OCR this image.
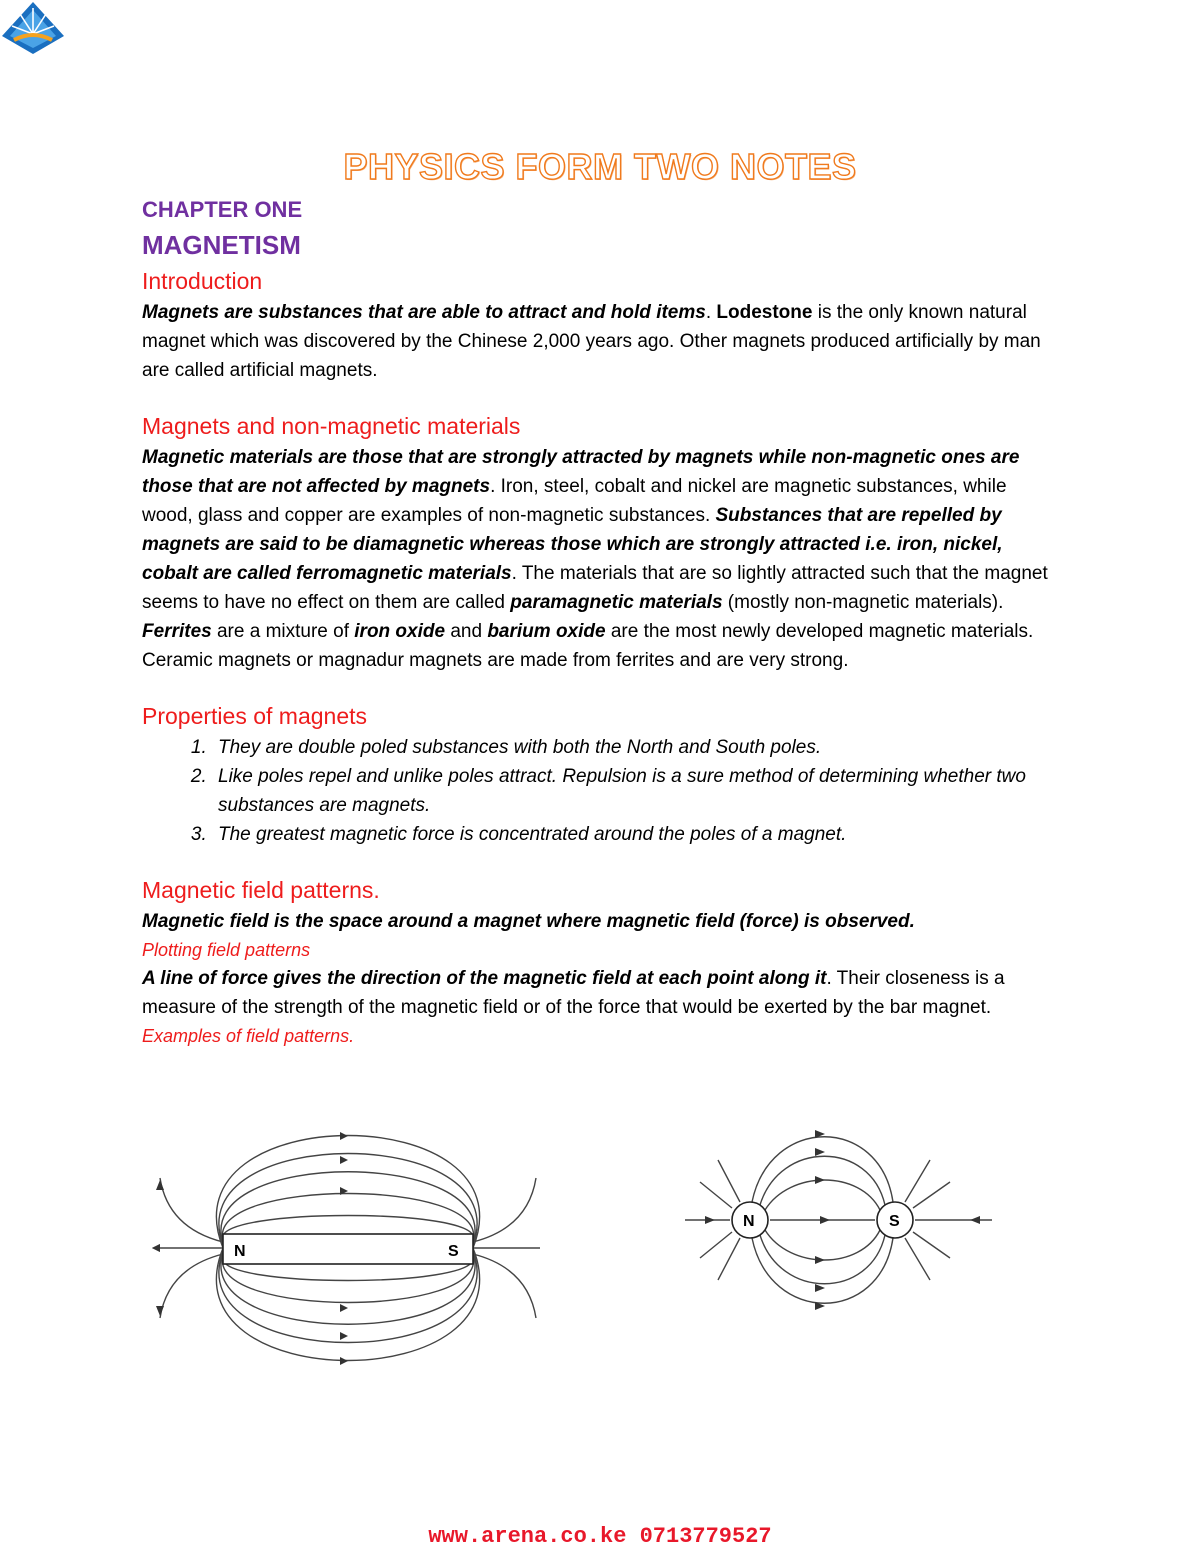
PHYSICS FORM TWO NOTES
CHAPTER ONE
MAGNETISM
Introduction

Magnets are substances that are able to attract and hold items. Lodestone is the only known natural magnet which was discovered by the Chinese 2,000 years ago. Other magnets produced artificially by man are called artificial magnets.

Magnets and non-magnetic materials

Magnetic materials are those that are strongly attracted by magnets while non-magnetic ones are those that are not affected by magnets. Iron, steel, cobalt and nickel are magnetic substances, while wood, glass and copper are examples of non-magnetic substances. Substances that are repelled by magnets are said to be diamagnetic whereas those which are strongly attracted i.e. iron, nickel, cobalt are called ferromagnetic materials. The materials that are so lightly attracted such that the magnet seems to have no effect on them are called paramagnetic materials (mostly non-magnetic materials). Ferrites are a mixture of iron oxide and barium oxide are the most newly developed magnetic materials. Ceramic magnets or magnadur magnets are made from ferrites and are very strong.

Properties of magnets
1. They are double poled substances with both the North and South poles.
2. Like poles repel and unlike poles attract. Repulsion is a sure method of determining whether two substances are magnets.
3. The greatest magnetic force is concentrated around the poles of a magnet.
Magnetic field patterns.

Magnetic field is the space around a magnet where magnetic field (force) is observed.

Plotting field patterns

A line of force gives the direction of the magnetic field at each point along it. Their closeness is a measure of the strength of the magnetic field or of the force that would be exerted by the bar magnet.

Examples of field patterns.

N	S
N	S
www.arena.co.ke 0713779527
